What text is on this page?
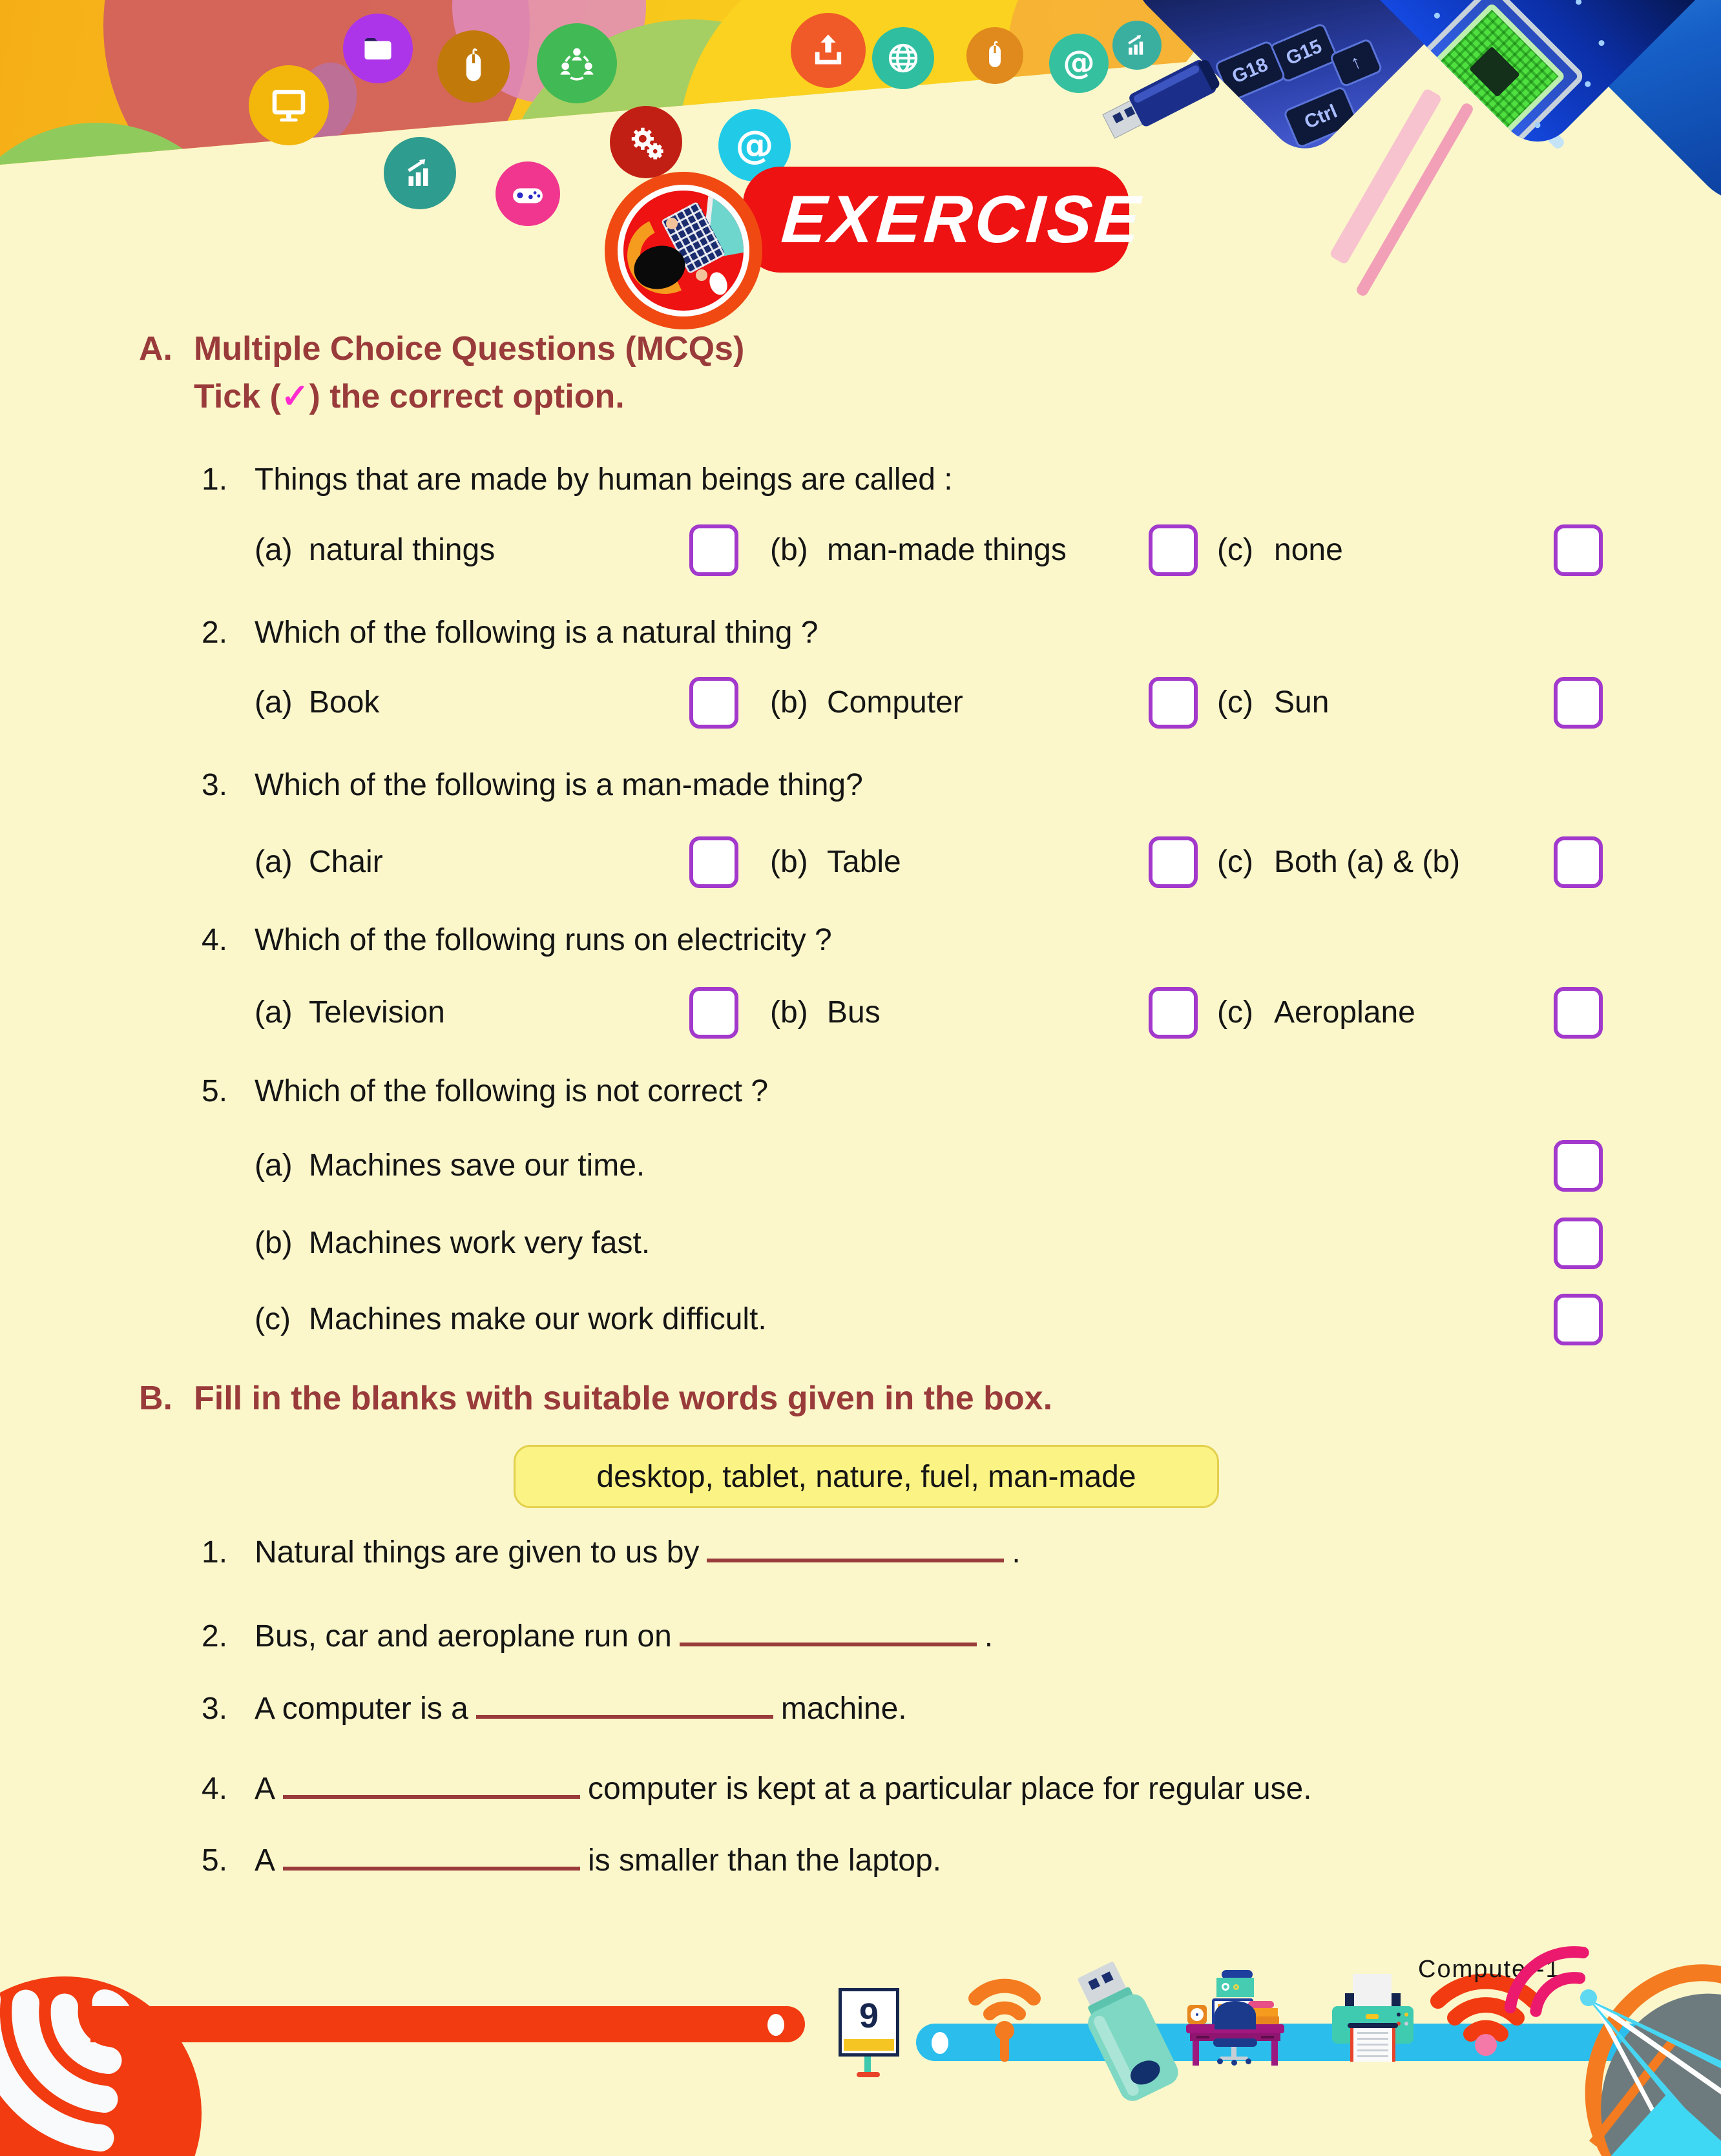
@
@	G15
G18
Ctrl
↑
EXERCISE
A. Multiple Choice Questions (MCQs)
Tick (✓) the correct option.
1. Things that are made by human beings are called :
(a) natural things	(b) man-made things	(c) none
2. Which of the following is a natural thing ?
(a) Book	(b) Computer	(c) Sun
3. Which of the following is a man-made thing?
(a) Chair	(b) Table	(c) Both (a) & (b)
4. Which of the following runs on electricity ?
(a) Television	(b) Bus	(c) Aeroplane
5. Which of the following is not correct ?
(a) Machines save our time.
(b) Machines work very fast.
(c) Machines make our work difficult.
B. Fill in the blanks with suitable words given in the box.
desktop, tablet, nature, fuel, man-made
1. Natural things are given to us by	.
2. Bus, car and aeroplane run on	.
3. A computer is a	machine.
4. A	computer is kept at a particular place for regular use.
5. A	is smaller than the laptop.
9
Computer-1
